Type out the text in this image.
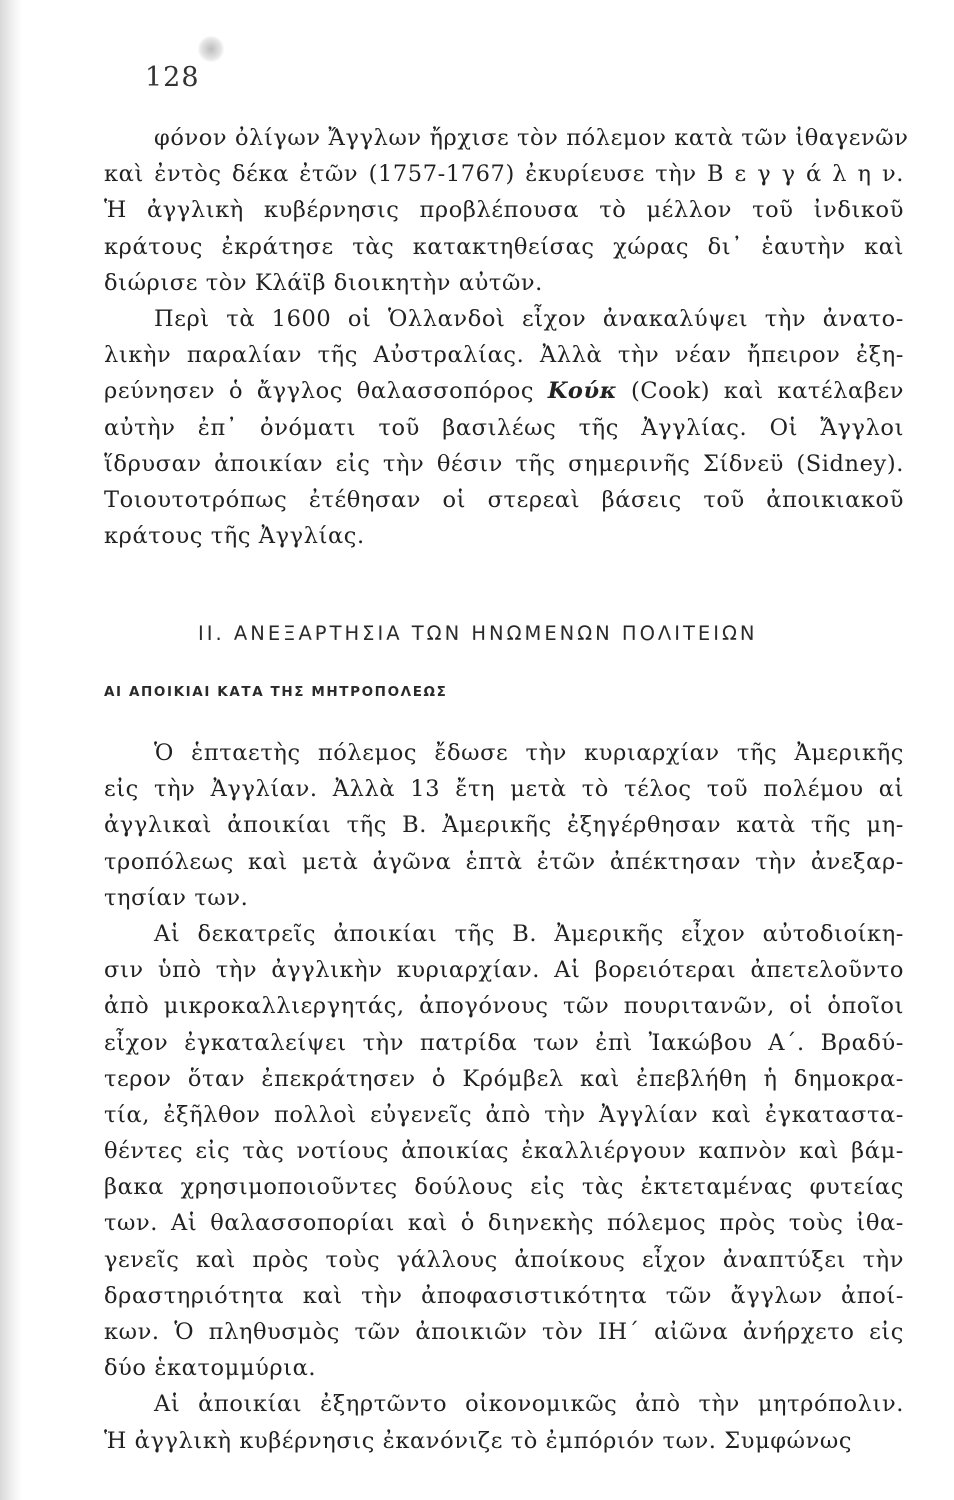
128
φόνον ὀλίγων Ἄγγλων ἤρχισε τὸν πόλεμον κατὰ τῶν ἰθαγενῶν
καὶ ἐντὸς δέκα ἐτῶν (1757-1767) ἐκυρίευσε τὴν Β ε γ γ ά λ η ν.
Ἡ ἀγγλικὴ κυβέρνησις προβλέπουσα τὸ μέλλον τοῦ ἰνδικοῦ
κράτους ἐκράτησε τὰς κατακτηθείσας χώρας δι᾿ ἑαυτὴν καὶ
διώρισε τὸν Κλάϊβ διοικητὴν αὐτῶν.
Περὶ τὰ 1600 οἱ Ὁλλανδοὶ εἶχον ἀνακαλύψει τὴν ἀνατο-
λικὴν παραλίαν τῆς Αὐστραλίας. Ἀλλὰ τὴν νέαν ἤπειρον ἐξη-
ρεύνησεν ὁ ἄγγλος θαλασσοπόρος Κούκ (Cook) καὶ κατέλαβεν
αὐτὴν ἐπ᾿ ὀνόματι τοῦ βασιλέως τῆς Ἀγγλίας. Οἱ Ἄγγλοι
ἵδρυσαν ἀποικίαν εἰς τὴν θέσιν τῆς σημερινῆς Σίδνεϋ (Sidney).
Τοιουτοτρόπως ἐτέθησαν οἱ στερεαὶ βάσεις τοῦ ἀποικιακοῦ
κράτους τῆς Ἀγγλίας.
II. ΑΝΕΞΑΡΤΗΣΙΑ ΤΩΝ ΗΝΩΜΕΝΩΝ ΠΟΛΙΤΕΙΩΝ
ΑΙ ΑΠΟΙΚΙΑΙ ΚΑΤΑ ΤΗΣ ΜΗΤΡΟΠΟΛΕΩΣ
Ὁ ἑπταετὴς πόλεμος ἔδωσε τὴν κυριαρχίαν τῆς Ἀμερικῆς
εἰς τὴν Ἀγγλίαν. Ἀλλὰ 13 ἔτη μετὰ τὸ τέλος τοῦ πολέμου αἱ
ἀγγλικαὶ ἀποικίαι τῆς Β. Ἀμερικῆς ἐξηγέρθησαν κατὰ τῆς μη-
τροπόλεως καὶ μετὰ ἀγῶνα ἑπτὰ ἐτῶν ἀπέκτησαν τὴν ἀνεξαρ-
τησίαν των.
Αἱ δεκατρεῖς ἀποικίαι τῆς Β. Ἀμερικῆς εἶχον αὐτοδιοίκη-
σιν ὑπὸ τὴν ἀγγλικὴν κυριαρχίαν. Αἱ βορειότεραι ἀπετελοῦντο
ἀπὸ μικροκαλλιεργητάς, ἀπογόνους τῶν πουριτανῶν, οἱ ὁποῖοι
εἶχον ἐγκαταλείψει τὴν πατρίδα των ἐπὶ Ἰακώβου Α΄. Βραδύ-
τερον ὅταν ἐπεκράτησεν ὁ Κρόμβελ καὶ ἐπεβλήθη ἡ δημοκρα-
τία, ἐξῆλθον πολλοὶ εὐγενεῖς ἀπὸ τὴν Ἀγγλίαν καὶ ἐγκαταστα-
θέντες εἰς τὰς νοτίους ἀποικίας ἐκαλλιέργουν καπνὸν καὶ βάμ-
βακα χρησιμοποιοῦντες δούλους εἰς τὰς ἐκτεταμένας φυτείας
των. Αἱ θαλασσοπορίαι καὶ ὁ διηνεκὴς πόλεμος πρὸς τοὺς ἰθα-
γενεῖς καὶ πρὸς τοὺς γάλλους ἀποίκους εἶχον ἀναπτύξει τὴν
δραστηριότητα καὶ τὴν ἀποφασιστικότητα τῶν ἄγγλων ἀποί-
κων. Ὁ πληθυσμὸς τῶν ἀποικιῶν τὸν ΙΗ΄ αἰῶνα ἀνήρχετο εἰς
δύο ἑκατομμύρια.
Αἱ ἀποικίαι ἐξηρτῶντο οἰκονομικῶς ἀπὸ τὴν μητρόπολιν.
Ἡ ἀγγλικὴ κυβέρνησις ἐκανόνιζε τὸ ἐμπόριόν των. Συμφώνως
